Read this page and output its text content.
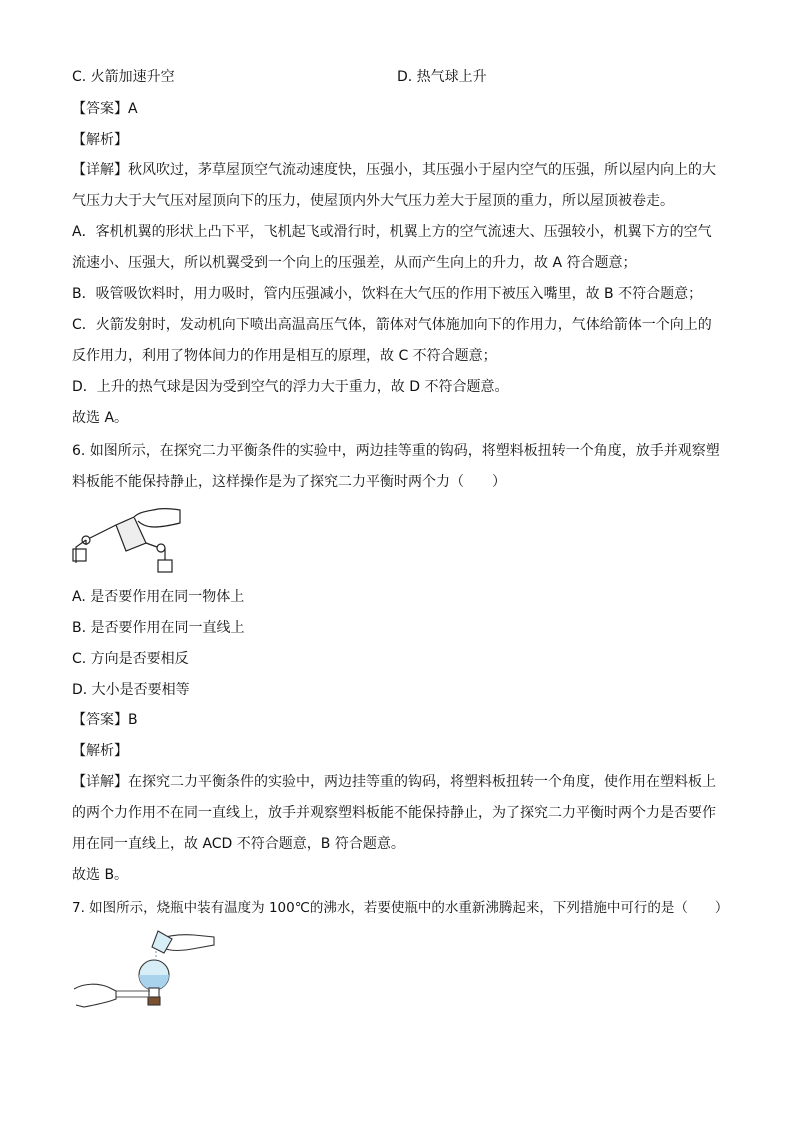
C. 火箭加速升空	D. 热气球上升
【答案】A
【解析】
【详解】秋风吹过，茅草屋顶空气流动速度快，压强小，其压强小于屋内空气的压强，所以屋内向上的大
气压力大于大气压对屋顶向下的压力，使屋顶内外大气压力差大于屋顶的重力，所以屋顶被卷走。
A．客机机翼的形状上凸下平，飞机起飞或滑行时，机翼上方的空气流速大、压强较小，机翼下方的空气
流速小、压强大，所以机翼受到一个向上的压强差，从而产生向上的升力，故 A 符合题意；
B．吸管吸饮料时，用力吸时，管内压强减小，饮料在大气压的作用下被压入嘴里，故 B 不符合题意；
C．火箭发射时，发动机向下喷出高温高压气体，箭体对气体施加向下的作用力，气体给箭体一个向上的
反作用力，利用了物体间力的作用是相互的原理，故 C 不符合题意；
D．上升的热气球是因为受到空气的浮力大于重力，故 D 不符合题意。
故选 A。
6. 如图所示，在探究二力平衡条件的实验中，两边挂等重的钩码，将塑料板扭转一个角度，放手并观察塑
料板能不能保持静止，这样操作是为了探究二力平衡时两个力（　　）
A. 是否要作用在同一物体上
B. 是否要作用在同一直线上
C. 方向是否要相反
D. 大小是否要相等
【答案】B
【解析】
【详解】在探究二力平衡条件的实验中，两边挂等重的钩码，将塑料板扭转一个角度，使作用在塑料板上
的两个力作用不在同一直线上，放手并观察塑料板能不能保持静止，为了探究二力平衡时两个力是否要作
用在同一直线上，故 ACD 不符合题意，B 符合题意。
故选 B。
7. 如图所示，烧瓶中装有温度为 100℃的沸水，若要使瓶中的水重新沸腾起来，下列措施中可行的是（　　）
